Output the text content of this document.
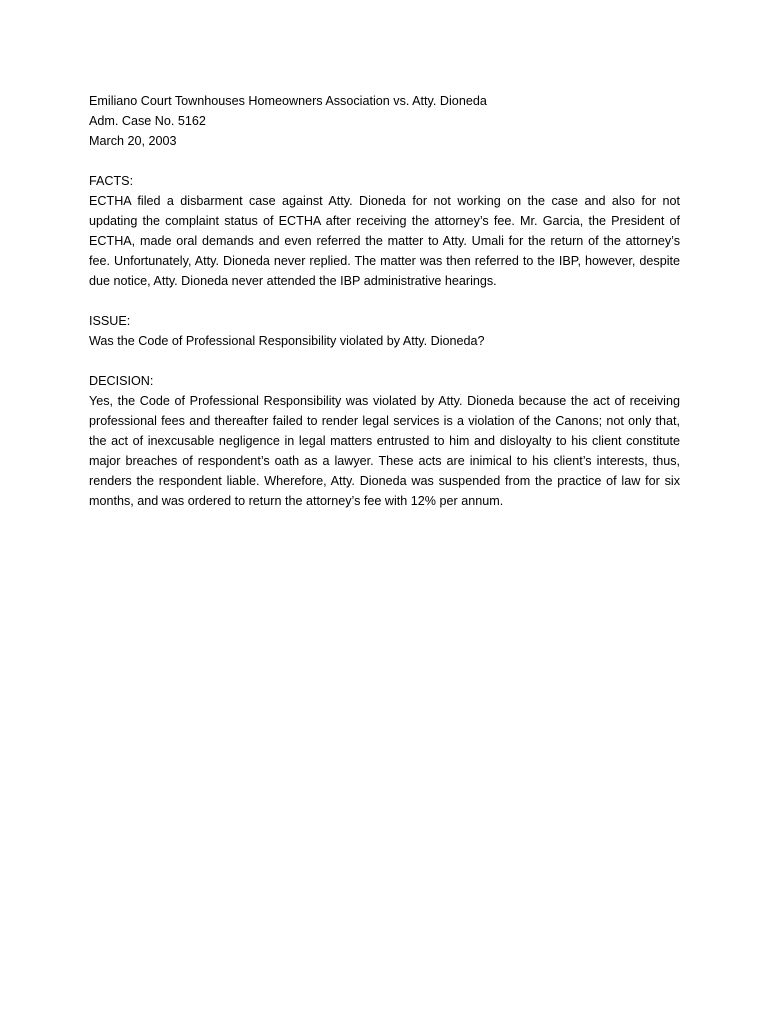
Emiliano Court Townhouses Homeowners Association vs. Atty. Dioneda

Adm. Case No. 5162

March 20, 2003

FACTS:

ECTHA filed a disbarment case against Atty. Dioneda for not working on the case and also for not updating the complaint status of ECTHA after receiving the attorney’s fee. Mr. Garcia, the President of ECTHA, made oral demands and even referred the matter to Atty. Umali for the return of the attorney’s fee. Unfortunately, Atty. Dioneda never replied. The matter was then referred to the IBP, however, despite due notice, Atty. Dioneda never attended the IBP administrative hearings.

ISSUE:

Was the Code of Professional Responsibility violated by Atty. Dioneda?

DECISION:

Yes, the Code of Professional Responsibility was violated by Atty. Dioneda because the act of receiving professional fees and thereafter failed to render legal services is a violation of the Canons; not only that, the act of inexcusable negligence in legal matters entrusted to him and disloyalty to his client constitute major breaches of respondent’s oath as a lawyer. These acts are inimical to his client’s interests, thus, renders the respondent liable. Wherefore, Atty. Dioneda was suspended from the practice of law for six months, and was ordered to return the attorney’s fee with 12% per annum.
